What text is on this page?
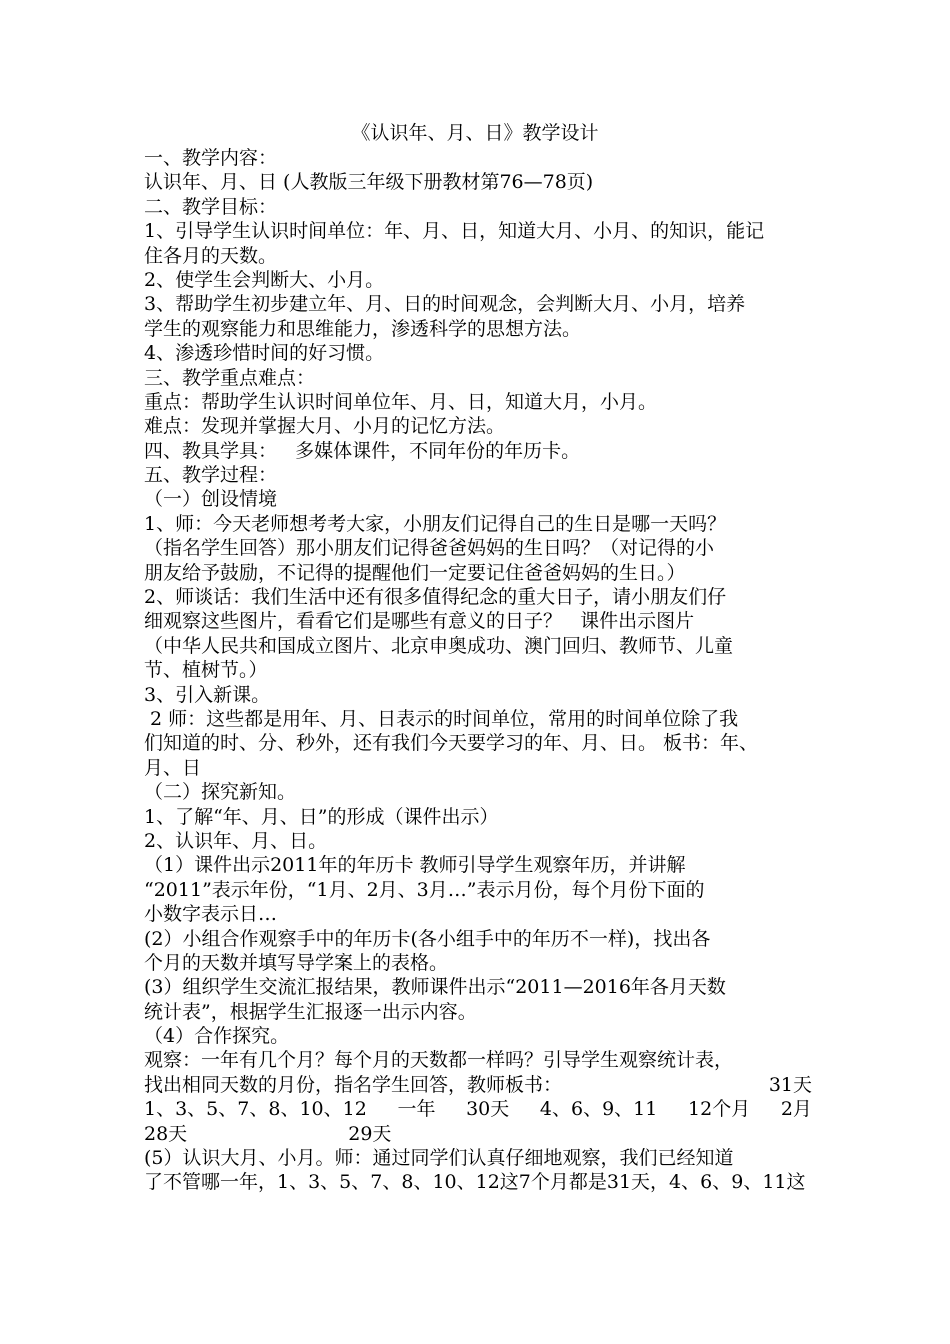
《认识年、月、日》教学设计
一、教学内容：
认识年、月、日 (人教版三年级下册教材第76—78页)
二、教学目标：
1、引导学生认识时间单位：年、月、日，知道大月、小月、的知识，能记
住各月的天数。
2、使学生会判断大、小月。
3、帮助学生初步建立年、月、日的时间观念，会判断大月、小月，培养
学生的观察能力和思维能力，渗透科学的思想方法。
4、渗透珍惜时间的好习惯。
三、教学重点难点：
重点：帮助学生认识时间单位年、月、日，知道大月，小月。
难点：发现并掌握大月、小月的记忆方法。
四、教具学具：   多媒体课件，不同年份的年历卡。
五、教学过程：
（一）创设情境
1、师：今天老师想考考大家，小朋友们记得自己的生日是哪一天吗？
（指名学生回答）那小朋友们记得爸爸妈妈的生日吗？（对记得的小
朋友给予鼓励，不记得的提醒他们一定要记住爸爸妈妈的生日。）
2、师谈话：我们生活中还有很多值得纪念的重大日子，请小朋友们仔
细观察这些图片，看看它们是哪些有意义的日子？   课件出示图片
（中华人民共和国成立图片、北京申奥成功、澳门回归、教师节、儿童
节、植树节。）
3、引入新课。
2 师：这些都是用年、月、日表示的时间单位，常用的时间单位除了我
们知道的时、分、秒外，还有我们今天要学习的年、月、日。 板书：年、
月、日
（二）探究新知。
1、了解“年、月、日”的形成（课件出示）
2、认识年、月、日。
（1）课件出示2011年的年历卡 教师引导学生观察年历，并讲解
“2011”表示年份，“1月、2月、3月…”表示月份，每个月份下面的
小数字表示日…
(2）小组合作观察手中的年历卡(各小组手中的年历不一样)，找出各
个月的天数并填写导学案上的表格。
(3）组织学生交流汇报结果，教师课件出示“2011—2016年各月天数
统计表”，根据学生汇报逐一出示内容。
（4）合作探究。
观察：一年有几个月？每个月的天数都一样吗？引导学生观察统计表，
找出相同天数的月份，指名学生回答，教师板书：	31天
1、3、5、7、8、10、12 一年 30天 4、6、9、11 12个月 2月
28天	29天
(5）认识大月、小月。师：通过同学们认真仔细地观察，我们已经知道
了不管哪一年，1、3、5、7、8、10、12这7个月都是31天，4、6、9、11这
